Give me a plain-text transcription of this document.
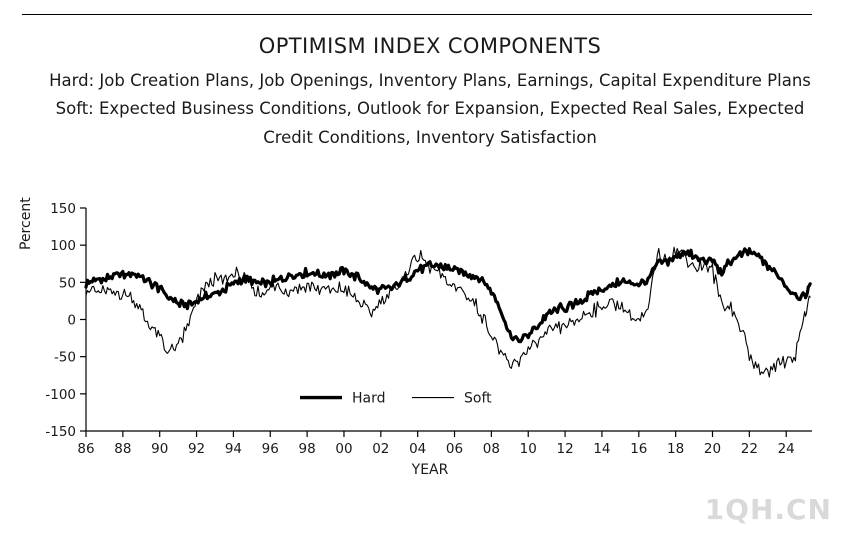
OPTIMISM INDEX COMPONENTS
Hard: Job Creation Plans, Job Openings, Inventory Plans, Earnings, Capital Expenditure Plans
Soft: Expected Business Conditions, Outlook for Expansion, Expected Real Sales, Expected
Credit Conditions, Inventory Satisfaction
-150
-100
-50
0
50
100
150
86 88 90 92 94 96 98 00 02 04 06 08 10 12 14 16 18 20 22 24
Hard	Soft
Percent
YEAR
1QH.CN
